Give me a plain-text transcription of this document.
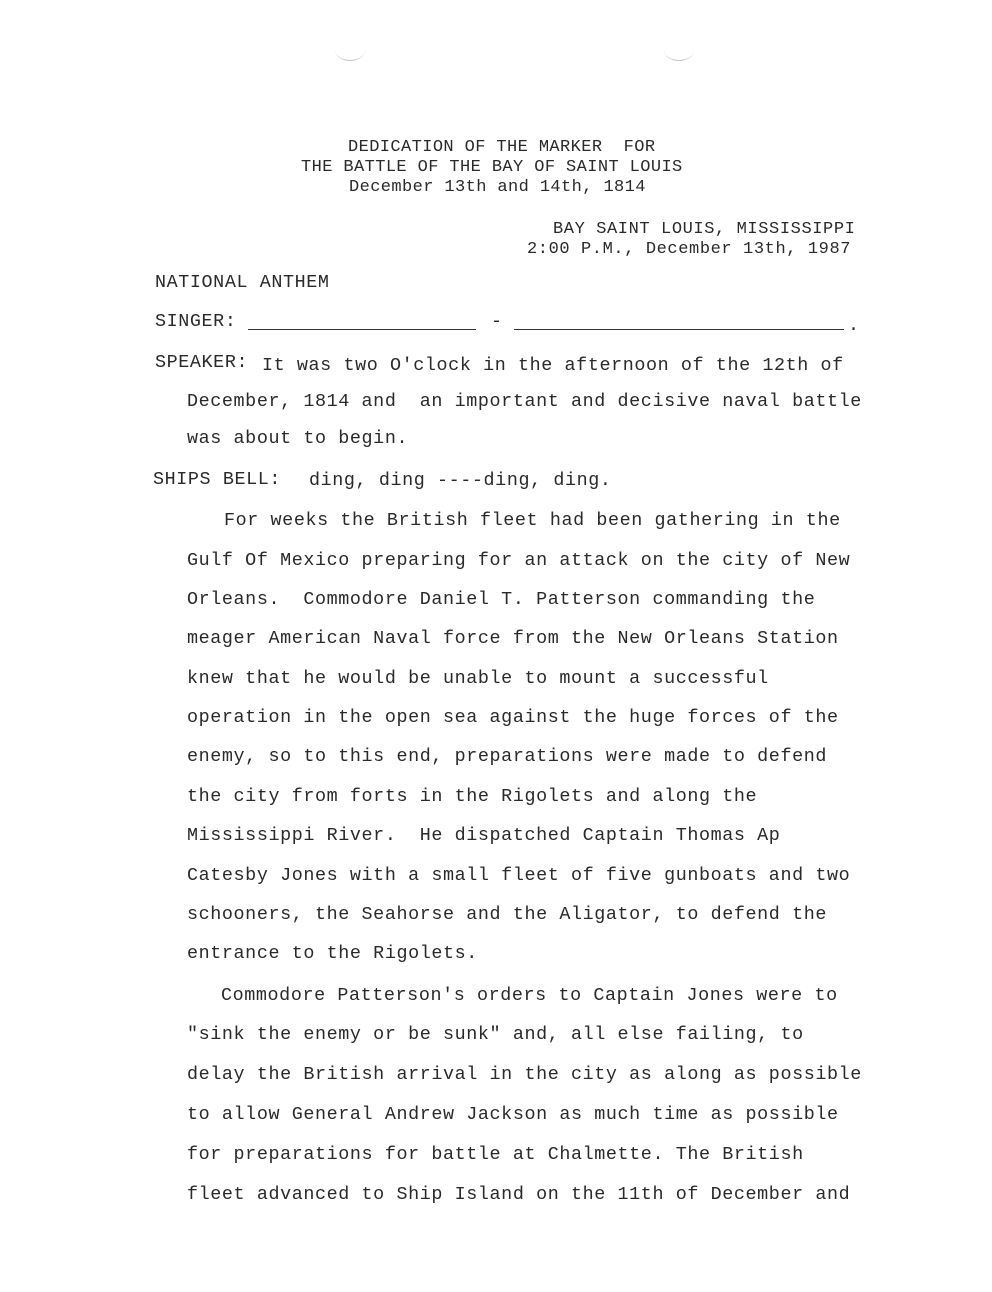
DEDICATION OF THE MARKER  FOR
THE BATTLE OF THE BAY OF SAINT LOUIS
December 13th and 14th, 1814
BAY SAINT LOUIS, MISSISSIPPI
2:00 P.M., December 13th, 1987
NATIONAL ANTHEM
SINGER:	-	.
SPEAKER: It was two O'clock in the afternoon of the 12th of
December, 1814 and  an important and decisive naval battle
was about to begin.
SHIPS BELL: ding, ding ----ding, ding.
For weeks the British fleet had been gathering in the
Gulf Of Mexico preparing for an attack on the city of New
Orleans.  Commodore Daniel T. Patterson commanding the
meager American Naval force from the New Orleans Station
knew that he would be unable to mount a successful
operation in the open sea against the huge forces of the
enemy, so to this end, preparations were made to defend
the city from forts in the Rigolets and along the
Mississippi River.  He dispatched Captain Thomas Ap
Catesby Jones with a small fleet of five gunboats and two
schooners, the Seahorse and the Aligator, to defend the
entrance to the Rigolets.
Commodore Patterson's orders to Captain Jones were to
"sink the enemy or be sunk" and, all else failing, to
delay the British arrival in the city as along as possible
to allow General Andrew Jackson as much time as possible
for preparations for battle at Chalmette. The British
fleet advanced to Ship Island on the 11th of December and
